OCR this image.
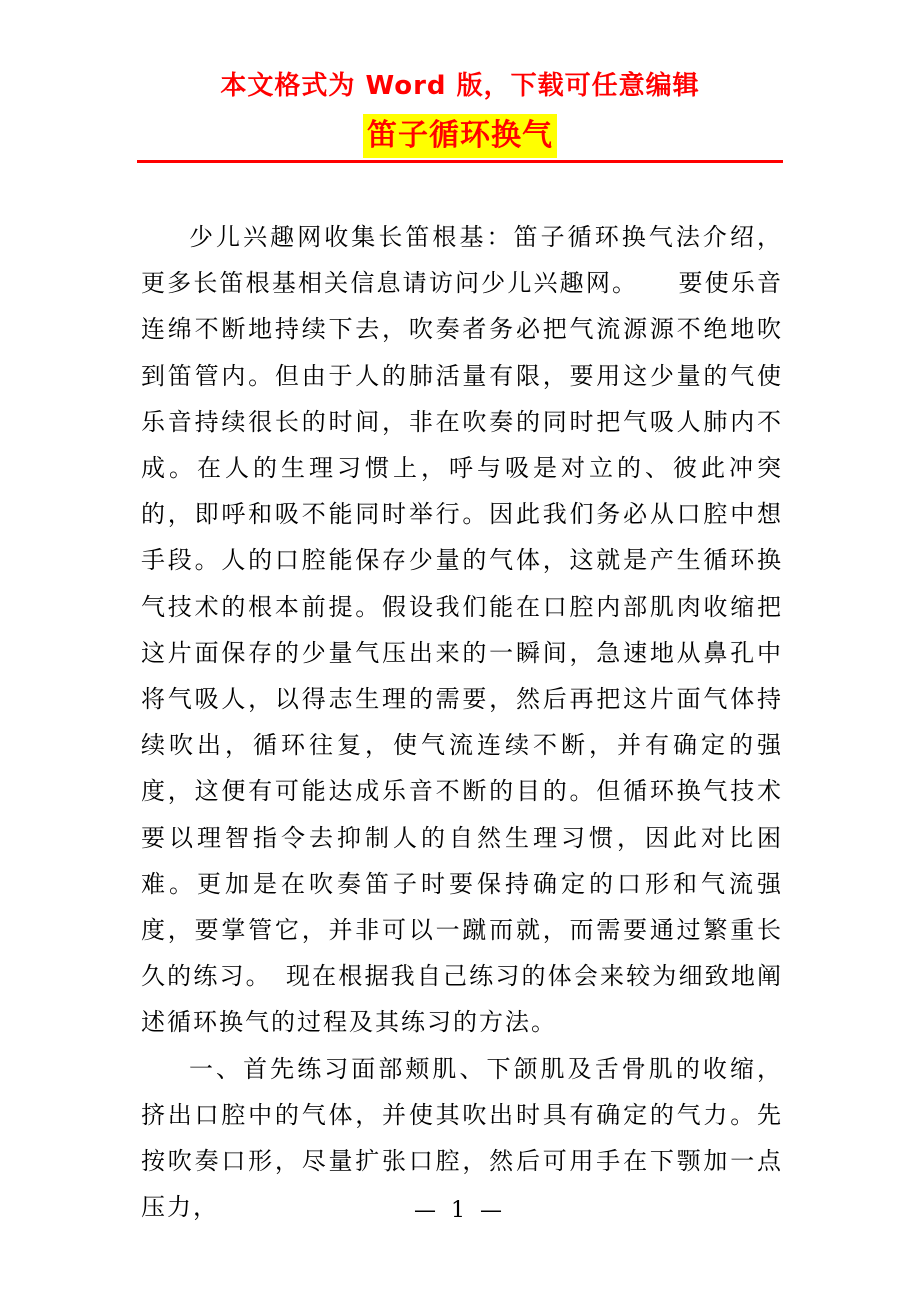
本文格式为 Word 版，下载可任意编辑
笛子循环换气

少儿兴趣网收集长笛根基：笛子循环换气法介绍，更多长笛根基相关信息请访问少儿兴趣网。　　要使乐音连绵不断地持续下去，吹奏者务必把气流源源不绝地吹到笛管内。但由于人的肺活量有限，要用这少量的气使乐音持续很长的时间，非在吹奏的同时把气吸人肺内不成。在人的生理习惯上，呼与吸是对立的、彼此冲突的，即呼和吸不能同时举行。因此我们务必从口腔中想手段。人的口腔能保存少量的气体，这就是产生循环换气技术的根本前提。假设我们能在口腔内部肌肉收缩把这片面保存的少量气压出来的一瞬间，急速地从鼻孔中将气吸人，以得志生理的需要，然后再把这片面气体持续吹出，循环往复，使气流连续不断，并有确定的强度，这便有可能达成乐音不断的目的。但循环换气技术要以理智指令去抑制人的自然生理习惯，因此对比困难。更加是在吹奏笛子时要保持确定的口形和气流强度，要掌管它，并非可以一蹴而就，而需要通过繁重长久的练习。　现在根据我自己练习的体会来较为细致地阐述循环换气的过程及其练习的方法。

一、首先练习面部颊肌、下颌肌及舌骨肌的收缩，挤出口腔中的气体，并使其吹出时具有确定的气力。先按吹奏口形，尽量扩张口腔，然后可用手在下颚加一点压力，	— 1 —
